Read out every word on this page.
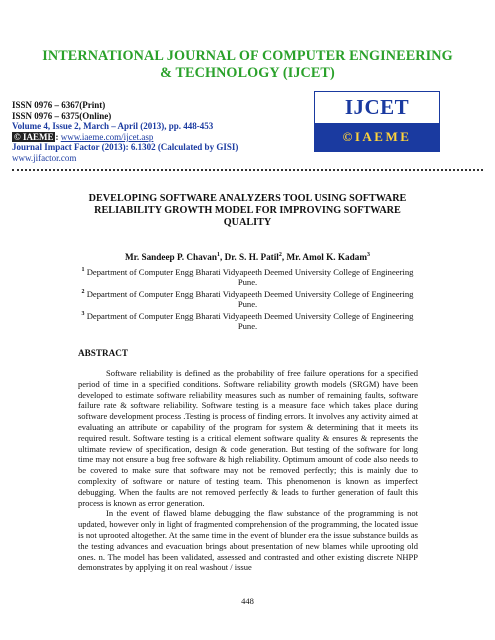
INTERNATIONAL JOURNAL OF COMPUTER ENGINEERING
& TECHNOLOGY (IJCET)
ISSN 0976 – 6367(Print)
ISSN 0976 – 6375(Online)
Volume 4, Issue 2, March – April (2013), pp. 448-453
© IAEME : www.iaeme.com/ijcet.asp
Journal Impact Factor (2013): 6.1302 (Calculated by GISI)
www.jifactor.com
IJCET
©IAEME
DEVELOPING SOFTWARE ANALYZERS TOOL USING SOFTWARE RELIABILITY GROWTH MODEL FOR IMPROVING SOFTWARE QUALITY
Mr. Sandeep P. Chavan$^1$, Dr. S. H. Patil$^2$, Mr. Amol K. Kadam$^3$
$^1$ Department of Computer Engg Bharati Vidyapeeth Deemed University College of Engineering Pune.
$^2$ Department of Computer Engg Bharati Vidyapeeth Deemed University College of Engineering Pune.
$^3$ Department of Computer Engg Bharati Vidyapeeth Deemed University College of Engineering Pune.
ABSTRACT

Software reliability is defined as the probability of free failure operations for a specified period of time in a specified conditions. Software reliability growth models (SRGM) have been developed to estimate software reliability measures such as number of remaining faults, software failure rate & software reliability. Software testing is a measure face which takes place during software development process .Testing is process of finding errors. It involves any activity aimed at evaluating an attribute or capability of the program for system & determining that it meets its required result. Software testing is a critical element software quality & ensures & represents the ultimate review of specification, design & code generation. But testing of the software for long time may not ensure a bug free software & high reliability. Optimum amount of code also needs to be covered to make sure that software may not be removed perfectly; this is mainly due to complexity of software or nature of testing team. This phenomenon is known as imperfect debugging. When the faults are not removed perfectly & leads to further generation of fault this process is known as error generation.

In the event of flawed blame debugging the flaw substance of the programming is not updated, however only in light of fragmented comprehension of the programming, the located issue is not uprooted altogether. At the same time in the event of blunder era the issue substance builds as the testing advances and evacuation brings about presentation of new blames while uprooting old ones. n. The model has been validated, assessed and contrasted and other existing discrete NHPP demonstrates by applying it on real washout / issue

448
